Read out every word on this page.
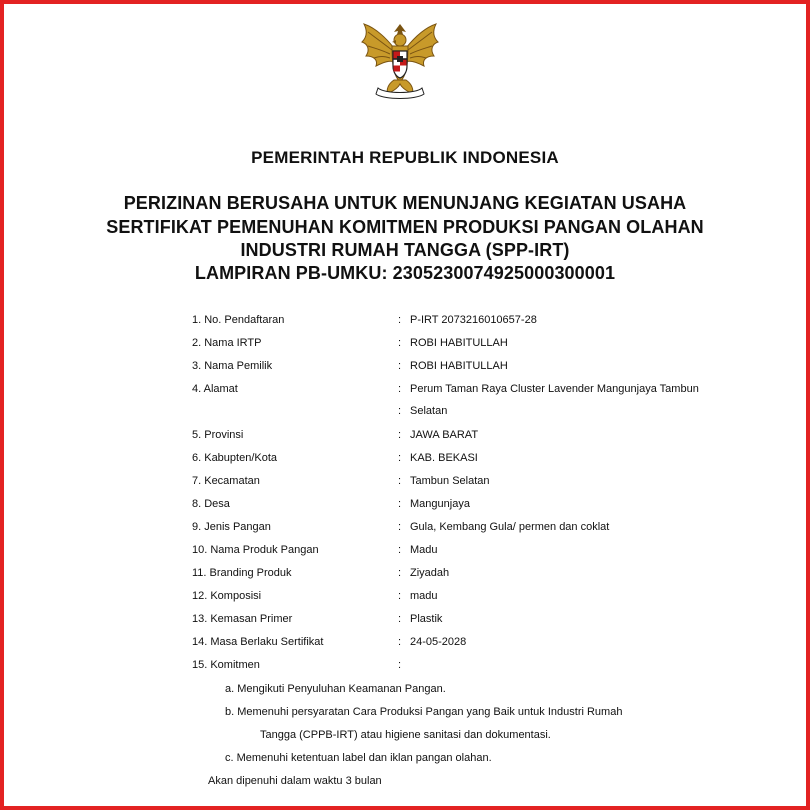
PEMERINTAH REPUBLIK INDONESIA
PERIZINAN BERUSAHA UNTUK MENUNJANG KEGIATAN USAHA
SERTIFIKAT PEMENUHAN KOMITMEN PRODUKSI PANGAN OLAHAN
INDUSTRI RUMAH TANGGA (SPP-IRT)
LAMPIRAN PB-UMKU: 2305230074925000300001
1. No. Pendaftaran	: P-IRT 2073216010657-28
2. Nama IRTP	: ROBI HABITULLAH
3. Nama Pemilik	: ROBI HABITULLAH
4. Alamat	: Perum Taman Raya Cluster Lavender Mangunjaya Tambun
: Selatan
5. Provinsi	: JAWA BARAT
6. Kabupten/Kota	: KAB. BEKASI
7. Kecamatan	: Tambun Selatan
8. Desa	: Mangunjaya
9. Jenis Pangan	: Gula, Kembang Gula/ permen dan coklat
10. Nama Produk Pangan	: Madu
11. Branding Produk	: Ziyadah
12. Komposisi	: madu
13. Kemasan Primer	: Plastik
14. Masa Berlaku Sertifikat	: 24-05-2028
15. Komitmen	:
a. Mengikuti Penyuluhan Keamanan Pangan.
b. Memenuhi persyaratan Cara Produksi Pangan yang Baik untuk Industri Rumah
Tangga (CPPB-IRT) atau higiene sanitasi dan dokumentasi.
c. Memenuhi ketentuan label dan iklan pangan olahan.
Akan dipenuhi dalam waktu 3 bulan
